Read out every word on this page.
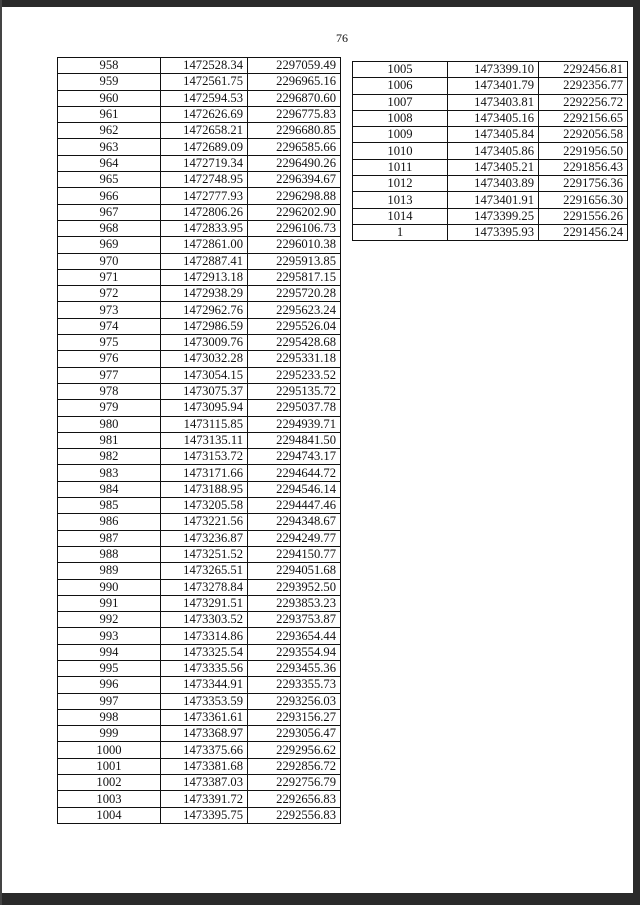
76
958	1472528.34	2297059.49
959	1472561.75	2296965.16
960	1472594.53	2296870.60
961	1472626.69	2296775.83
962	1472658.21	2296680.85
963	1472689.09	2296585.66
964	1472719.34	2296490.26
965	1472748.95	2296394.67
966	1472777.93	2296298.88
967	1472806.26	2296202.90
968	1472833.95	2296106.73
969	1472861.00	2296010.38
970	1472887.41	2295913.85
971	1472913.18	2295817.15
972	1472938.29	2295720.28
973	1472962.76	2295623.24
974	1472986.59	2295526.04
975	1473009.76	2295428.68
976	1473032.28	2295331.18
977	1473054.15	2295233.52
978	1473075.37	2295135.72
979	1473095.94	2295037.78
980	1473115.85	2294939.71
981	1473135.11	2294841.50
982	1473153.72	2294743.17
983	1473171.66	2294644.72
984	1473188.95	2294546.14
985	1473205.58	2294447.46
986	1473221.56	2294348.67
987	1473236.87	2294249.77
988	1473251.52	2294150.77
989	1473265.51	2294051.68
990	1473278.84	2293952.50
991	1473291.51	2293853.23
992	1473303.52	2293753.87
993	1473314.86	2293654.44
994	1473325.54	2293554.94
995	1473335.56	2293455.36
996	1473344.91	2293355.73
997	1473353.59	2293256.03
998	1473361.61	2293156.27
999	1473368.97	2293056.47
1000	1473375.66	2292956.62
1001	1473381.68	2292856.72
1002	1473387.03	2292756.79
1003	1473391.72	2292656.83
1004	1473395.75	2292556.83
1005	1473399.10	2292456.81
1006	1473401.79	2292356.77
1007	1473403.81	2292256.72
1008	1473405.16	2292156.65
1009	1473405.84	2292056.58
1010	1473405.86	2291956.50
1011	1473405.21	2291856.43
1012	1473403.89	2291756.36
1013	1473401.91	2291656.30
1014	1473399.25	2291556.26
1	1473395.93	2291456.24
